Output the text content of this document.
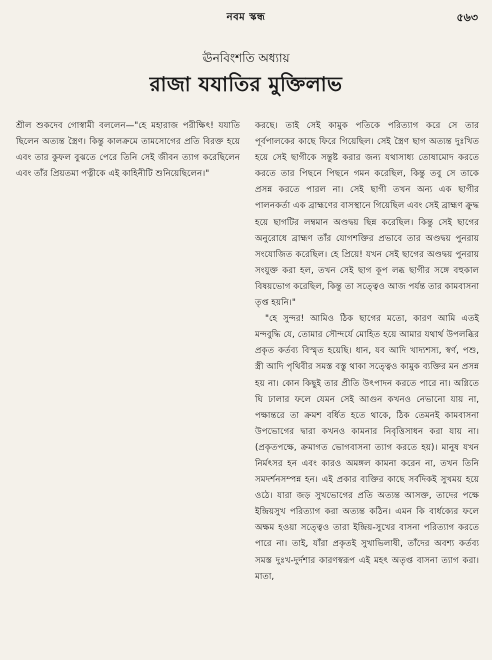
নবম স্কন্ধ	৫৬৩
ঊনবিংশতি অধ্যায়
রাজা যযাতির মুক্তিলাভ

শ্রীল শুকদেব গোস্বামী বললেন—"হে মহারাজ পরীক্ষিৎ! যযাতি ছিলেন অত্যন্ত স্ত্রৈণ। কিন্তু কালক্রমে তামসোগের প্রতি বিরক্ত হয়ে এবং তার কুফল বুঝতে পেরে তিনি সেই জীবন ত্যাগ করেছিলেন এবং তাঁর প্রিয়তমা পত্নীকে এই কাহিনীটি শুনিয়েছিলেন।"

করছে। তাই সেই কামুক পতিকে পরিত্যাগ করে সে তার পূর্বপালকের কাছে ফিরে গিয়েছিল। সেই স্ত্রৈণ ছাগ অত্যন্ত দুঃখিত হয়ে সেই ছাগীকে সন্তুষ্ট করার জন্য যথাসাধ্য তোষামোদ করতে করতে তার পিছনে পিছনে গমন করেছিল, কিন্তু তবু সে তাকে প্রসন্ন করতে পারল না। সেই ছাগী তখন অন্য এক ছাগীর পালনকর্তা এক ব্রাহ্মণের বাসস্থানে গিয়েছিল এবং সেই ব্রাহ্মণ ক্রুদ্ধ হয়ে ছাগটির লম্বমান অণ্ডদ্বয় ছিন্ন করেছিল। কিন্তু সেই ছাগের অনুরোধে ব্রাহ্মণ তাঁর যোগশক্তির প্রভাবে তার অণ্ডদ্বয় পুনরায় সংযোজিত করেছিল। হে প্রিয়ে! যখন সেই ছাগের অণ্ডদ্বয় পুনরায় সংযুক্ত করা হল, তখন সেই ছাগ কূপ লব্ধ ছাগীর সঙ্গে বহুকাল বিষয়ভোগ করেছিল, কিন্তু তা সত্ত্বেও আজ পর্যন্ত তার কামবাসনা তৃপ্ত হয়নি।"

"হে সুন্দর! আমিও ঠিক ছাগের মতো, কারণ আমি এতই মন্দবুদ্ধি যে, তোমার সৌন্দর্যে মোহিত হয়ে আমার যথার্থ উপলব্ধির প্রকৃত কর্তব্য বিস্মৃত হয়েছি। ধান, যব আদি খাদ্যশস্য, স্বর্ণ, পশু, স্ত্রী আদি পৃথিবীর সমস্ত বস্তু থাকা সত্ত্বেও কামুক ব্যক্তির মন প্রসন্ন হয় না। কোন কিছুই তার প্রীতি উৎপাদন করতে পারে না। অগ্নিতে ঘি ঢালার ফলে যেমন সেই আগুন কখনও নেভানো যায় না, পক্ষান্তরে তা ক্রমশ বর্ধিত হতে থাকে, ঠিক তেমনই কামবাসনা উপভোগের দ্বারা কখনও কামনার নিবৃত্তিসাধন করা যায় না। (প্রকৃতপক্ষে, ক্রমাগত ভোগবাসনা ত্যাগ করতে হয়)। মানুষ যখন নির্মৎসর হন এবং কারও অমঙ্গল কামনা করেন না, তখন তিনি সমদর্শনসম্পন্ন হন। এই প্রকার ব্যক্তির কাছে সর্বদিকই সুখময় হয়ে ওঠে। যারা জড় সুখভোগের প্রতি অত্যন্ত আসক্ত, তাদের পক্ষে ইন্দ্রিয়সুখ পরিত্যাগ করা অত্যন্ত কঠিন। এমন কি বার্ধক্যের ফলে অক্ষম হওয়া সত্ত্বেও তারা ইন্দ্রিয়-সুখের বাসনা পরিত্যাগ করতে পারে না। তাই, যাঁরা প্রকৃতই সুখাভিলাষী, তাঁদের অবশ্য কর্তব্য সমস্ত দুঃখ-দুর্দশার কারণস্বরূপ এই মহৎ অতৃপ্ত বাসনা ত্যাগ করা। মাতা,
